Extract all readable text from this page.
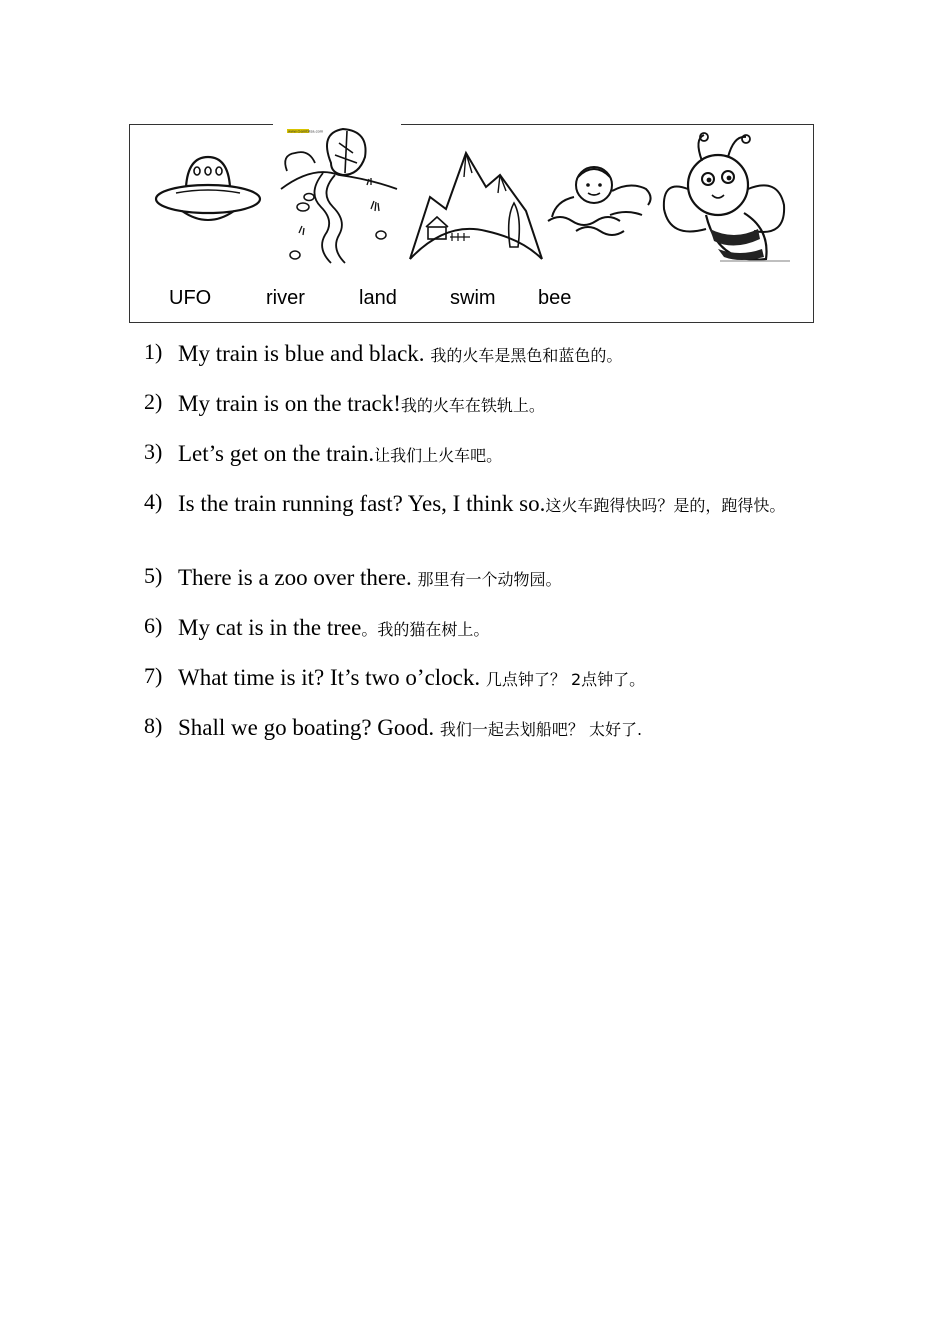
www.Gamblisa.com
UFO	river	land	swim bee
1) My train is blue and black. 我的火车是黑色和蓝色的。
2) My train is on the track!我的火车在铁轨上。
3) Let’s get on the train.让我们上火车吧。
4) Is the train running fast? Yes, I think so.这火车跑得快吗？是的，跑得快。
5) There is a zoo over there. 那里有一个动物园。
6) My cat is in the tree。我的猫在树上。
7) What time is it? It’s two o’clock. 几点钟了？ 2点钟了。
8) Shall we go boating? Good. 我们一起去划船吧？ 太好了.
